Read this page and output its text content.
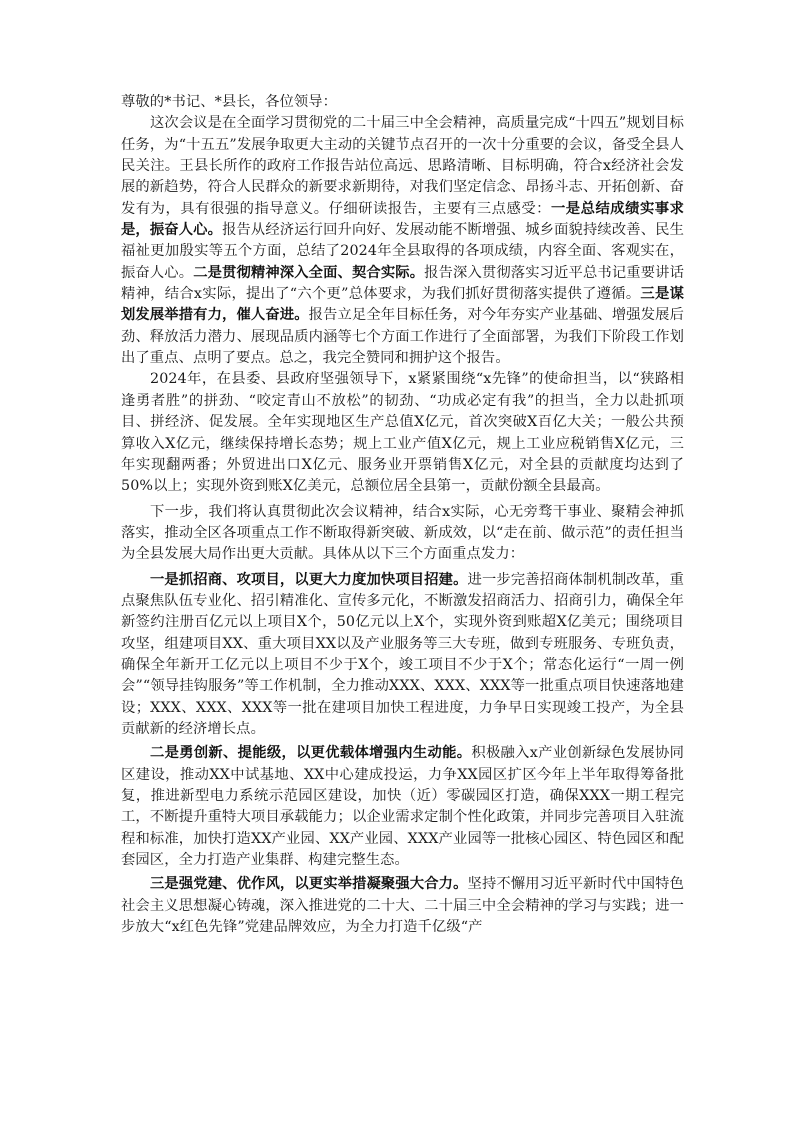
尊敬的*书记、*县长，各位领导：

这次会议是在全面学习贯彻党的二十届三中全会精神，高质量完成“十四五”规划目标任务，为“十五五”发展争取更大主动的关键节点召开的一次十分重要的会议，备受全县人民关注。王县长所作的政府工作报告站位高远、思路清晰、目标明确，符合x经济社会发展的新趋势，符合人民群众的新要求新期待，对我们坚定信念、昂扬斗志、开拓创新、奋发有为，具有很强的指导意义。仔细研读报告，主要有三点感受：一是总结成绩实事求是，振奋人心。报告从经济运行回升向好、发展动能不断增强、城乡面貌持续改善、民生福祉更加殷实等五个方面，总结了2024年全县取得的各项成绩，内容全面、客观实在，振奋人心。二是贯彻精神深入全面、契合实际。报告深入贯彻落实习近平总书记重要讲话精神，结合x实际，提出了“六个更”总体要求，为我们抓好贯彻落实提供了遵循。三是谋划发展举措有力，催人奋进。报告立足全年目标任务，对今年夯实产业基础、增强发展后劲、释放活力潜力、展现品质内涵等七个方面工作进行了全面部署，为我们下阶段工作划出了重点、点明了要点。总之，我完全赞同和拥护这个报告。

2024年，在县委、县政府坚强领导下，x紧紧围绕“x先锋”的使命担当，以“狭路相逢勇者胜”的拼劲、“咬定青山不放松”的韧劲、“功成必定有我”的担当，全力以赴抓项目、拼经济、促发展。全年实现地区生产总值X亿元，首次突破X百亿大关；一般公共预算收入X亿元，继续保持增长态势；规上工业产值X亿元，规上工业应税销售X亿元，三年实现翻两番；外贸进出口X亿元、服务业开票销售X亿元，对全县的贡献度均达到了50%以上；实现外资到账X亿美元，总额位居全县第一，贡献份额全县最高。

下一步，我们将认真贯彻此次会议精神，结合x实际，心无旁骛干事业、聚精会神抓落实，推动全区各项重点工作不断取得新突破、新成效，以“走在前、做示范”的责任担当为全县发展大局作出更大贡献。具体从以下三个方面重点发力：

一是抓招商、攻项目，以更大力度加快项目招建。进一步完善招商体制机制改革，重点聚焦队伍专业化、招引精准化、宣传多元化，不断激发招商活力、招商引力，确保全年新签约注册百亿元以上项目X个，50亿元以上X个，实现外资到账超X亿美元；围绕项目攻坚，组建项目XX、重大项目XX以及产业服务等三大专班，做到专班服务、专班负责，确保全年新开工亿元以上项目不少于X个，竣工项目不少于X个；常态化运行“一周一例会”“领导挂钩服务”等工作机制，全力推动XXX、XXX、XXX等一批重点项目快速落地建设；XXX、XXX、XXX等一批在建项目加快工程进度，力争早日实现竣工投产，为全县贡献新的经济增长点。

二是勇创新、提能级，以更优载体增强内生动能。积极融入x产业创新绿色发展协同区建设，推动XX中试基地、XX中心建成投运，力争XX园区扩区今年上半年取得筹备批复，推进新型电力系统示范园区建设，加快（近）零碳园区打造，确保XXX一期工程完工，不断提升重特大项目承载能力；以企业需求定制个性化政策，并同步完善项目入驻流程和标准，加快打造XX产业园、XX产业园、XXX产业园等一批核心园区、特色园区和配套园区，全力打造产业集群、构建完整生态。

三是强党建、优作风，以更实举措凝聚强大合力。坚持不懈用习近平新时代中国特色社会主义思想凝心铸魂，深入推进党的二十大、二十届三中全会精神的学习与实践；进一步放大“x红色先锋”党建品牌效应，为全力打造千亿级“产
